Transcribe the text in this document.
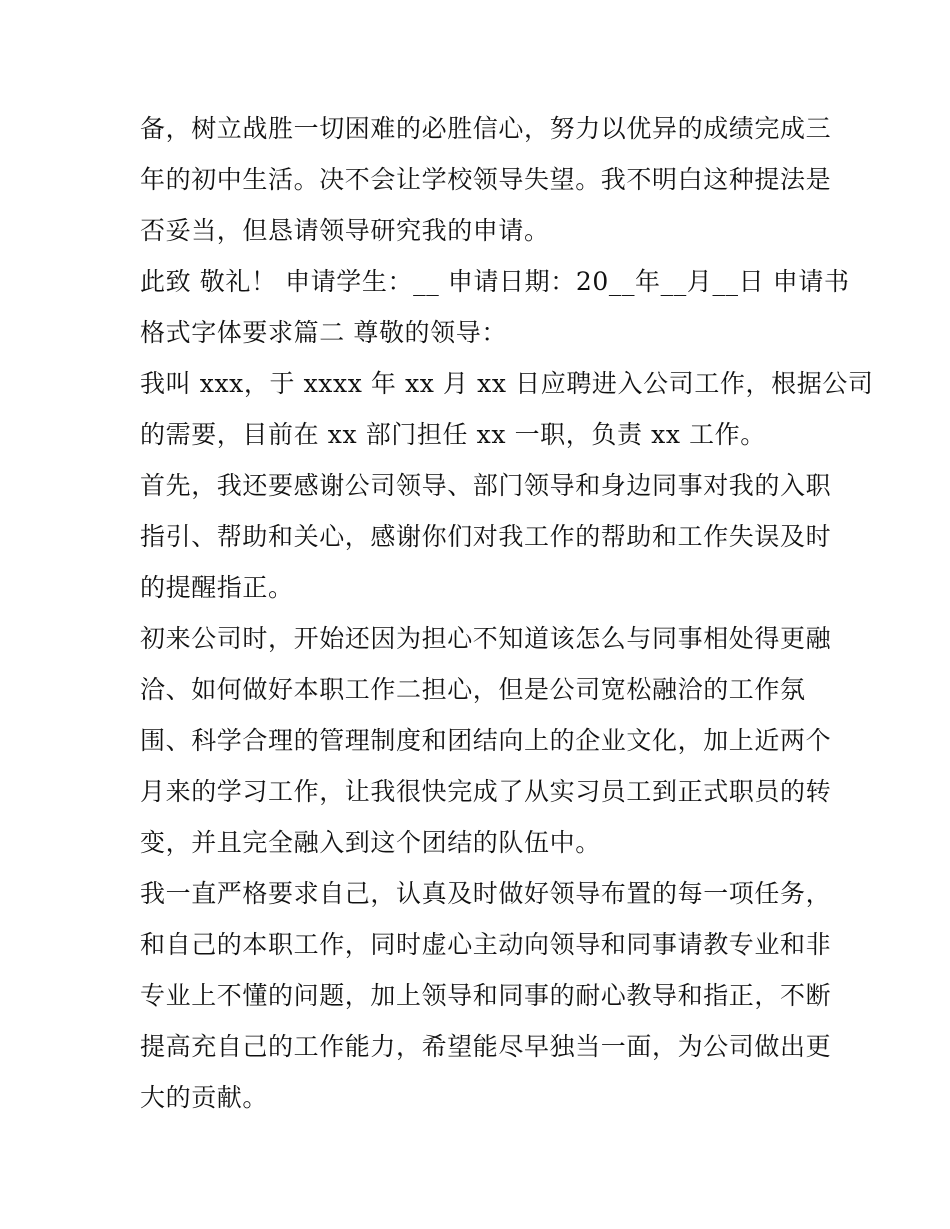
备，树立战胜一切困难的必胜信心，努力以优异的成绩完成三
年的初中生活。决不会让学校领导失望。我不明白这种提法是
否妥当，但恳请领导研究我的申请。
此致 敬礼！ 申请学生：__ 申请日期：20__年__月__日 申请书
格式字体要求篇二 尊敬的领导：
我叫 xxx，于 xxxx 年 xx 月 xx 日应聘进入公司工作，根据公司
的需要，目前在 xx 部门担任 xx 一职，负责 xx 工作。
首先，我还要感谢公司领导、部门领导和身边同事对我的入职
指引、帮助和关心，感谢你们对我工作的帮助和工作失误及时
的提醒指正。
初来公司时，开始还因为担心不知道该怎么与同事相处得更融
洽、如何做好本职工作二担心，但是公司宽松融洽的工作氛
围、科学合理的管理制度和团结向上的企业文化，加上近两个
月来的学习工作，让我很快完成了从实习员工到正式职员的转
变，并且完全融入到这个团结的队伍中。
我一直严格要求自己，认真及时做好领导布置的每一项任务，
和自己的本职工作，同时虚心主动向领导和同事请教专业和非
专业上不懂的问题，加上领导和同事的耐心教导和指正，不断
提高充自己的工作能力，希望能尽早独当一面，为公司做出更
大的贡献。
